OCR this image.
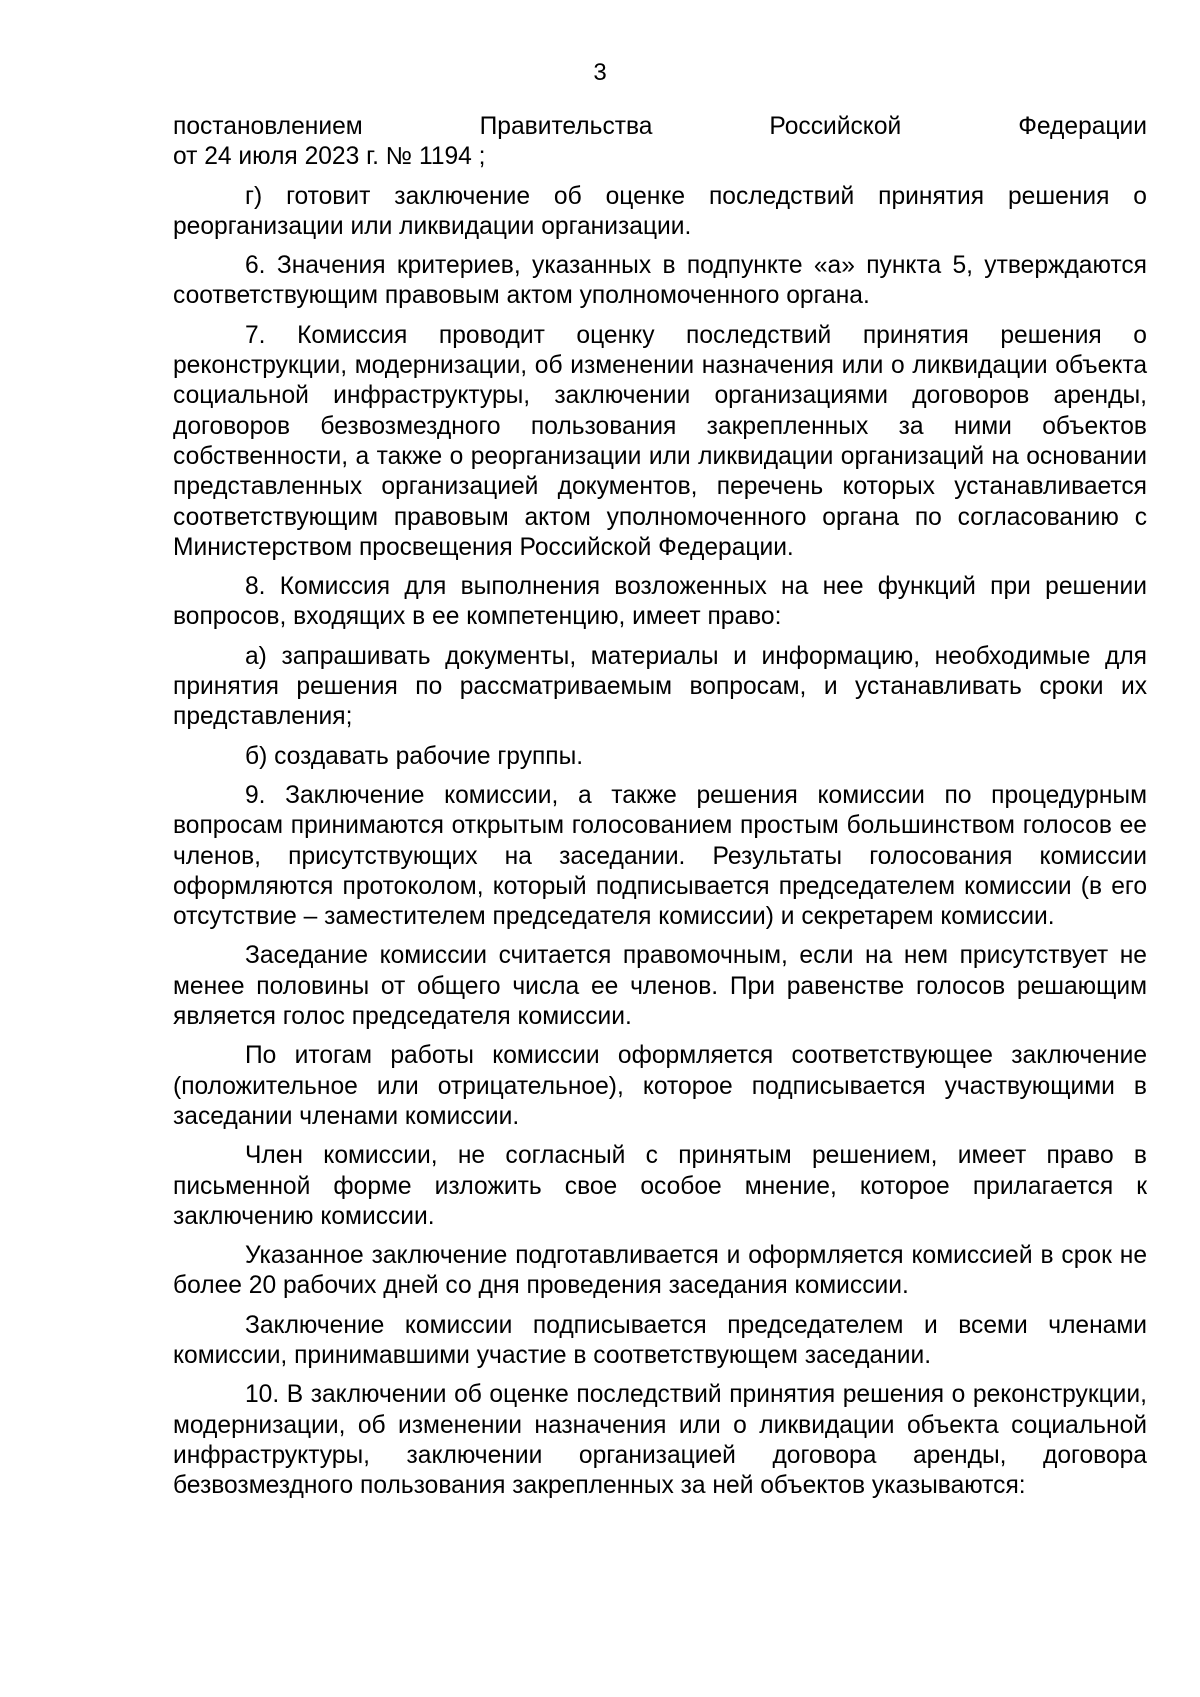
3

постановлением Правительства Российской Федерации
от 24 июля 2023 г. № 1194 ;

г) готовит заключение об оценке последствий принятия решения о реорганизации или ликвидации организации.

6. Значения критериев, указанных в подпункте «а» пункта 5, утверждаются соответствующим правовым актом уполномоченного органа.

7. Комиссия проводит оценку последствий принятия решения о реконструкции, модернизации, об изменении назначения или о ликвидации объекта социальной инфраструктуры, заключении организациями договоров аренды, договоров безвозмездного пользования закрепленных за ними объектов собственности, а также о реорганизации или ликвидации организаций на основании представленных организацией документов, перечень которых устанавливается соответствующим правовым актом уполномоченного органа по согласованию с Министерством просвещения Российской Федерации.

8. Комиссия для выполнения возложенных на нее функций при решении вопросов, входящих в ее компетенцию, имеет право:

а) запрашивать документы, материалы и информацию, необходимые для принятия решения по рассматриваемым вопросам, и устанавливать сроки их представления;

б) создавать рабочие группы.

9. Заключение комиссии, а также решения комиссии по процедурным вопросам принимаются открытым голосованием простым большинством голосов ее членов, присутствующих на заседании. Результаты голосования комиссии оформляются протоколом, который подписывается председателем комиссии (в его отсутствие – заместителем председателя комиссии) и секретарем комиссии.

Заседание комиссии считается правомочным, если на нем присутствует не менее половины от общего числа ее членов. При равенстве голосов решающим является голос председателя комиссии.

По итогам работы комиссии оформляется соответствующее заключение (положительное или отрицательное), которое подписывается участвующими в заседании членами комиссии.

Член комиссии, не согласный с принятым решением, имеет право в письменной форме изложить свое особое мнение, которое прилагается к заключению комиссии.

Указанное заключение подготавливается и оформляется комиссией в срок не более 20 рабочих дней со дня проведения заседания комиссии.

Заключение комиссии подписывается председателем и всеми членами комиссии, принимавшими участие в соответствующем заседании.

10. В заключении об оценке последствий принятия решения о реконструкции, модернизации, об изменении назначения или о ликвидации объекта социальной инфраструктуры, заключении организацией договора аренды, договора безвозмездного пользования закрепленных за ней объектов указываются:
